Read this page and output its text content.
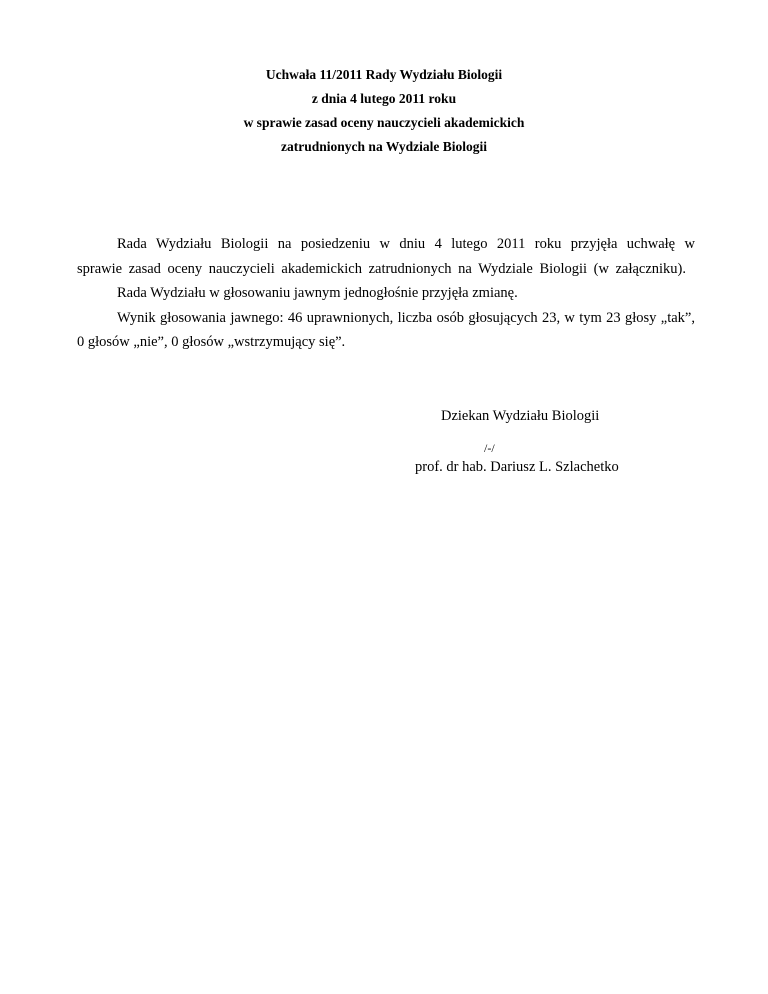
Uchwała 11/2011 Rady Wydziału Biologii
z dnia 4 lutego 2011 roku
w sprawie zasad oceny nauczycieli akademickich
zatrudnionych na Wydziale Biologii

Rada Wydziału Biologii na posiedzeniu w dniu 4 lutego 2011 roku przyjęła uchwałę w sprawie zasad oceny nauczycieli akademickich zatrudnionych na Wydziale Biologii (w załączniku).

Rada Wydziału w głosowaniu jawnym jednogłośnie przyjęła zmianę.

Wynik głosowania jawnego: 46 uprawnionych, liczba osób głosujących 23, w tym 23 głosy „tak”, 0 głosów „nie”, 0 głosów „wstrzymujący się”.

Dziekan Wydziału Biologii
/-/
prof. dr hab. Dariusz L. Szlachetko
